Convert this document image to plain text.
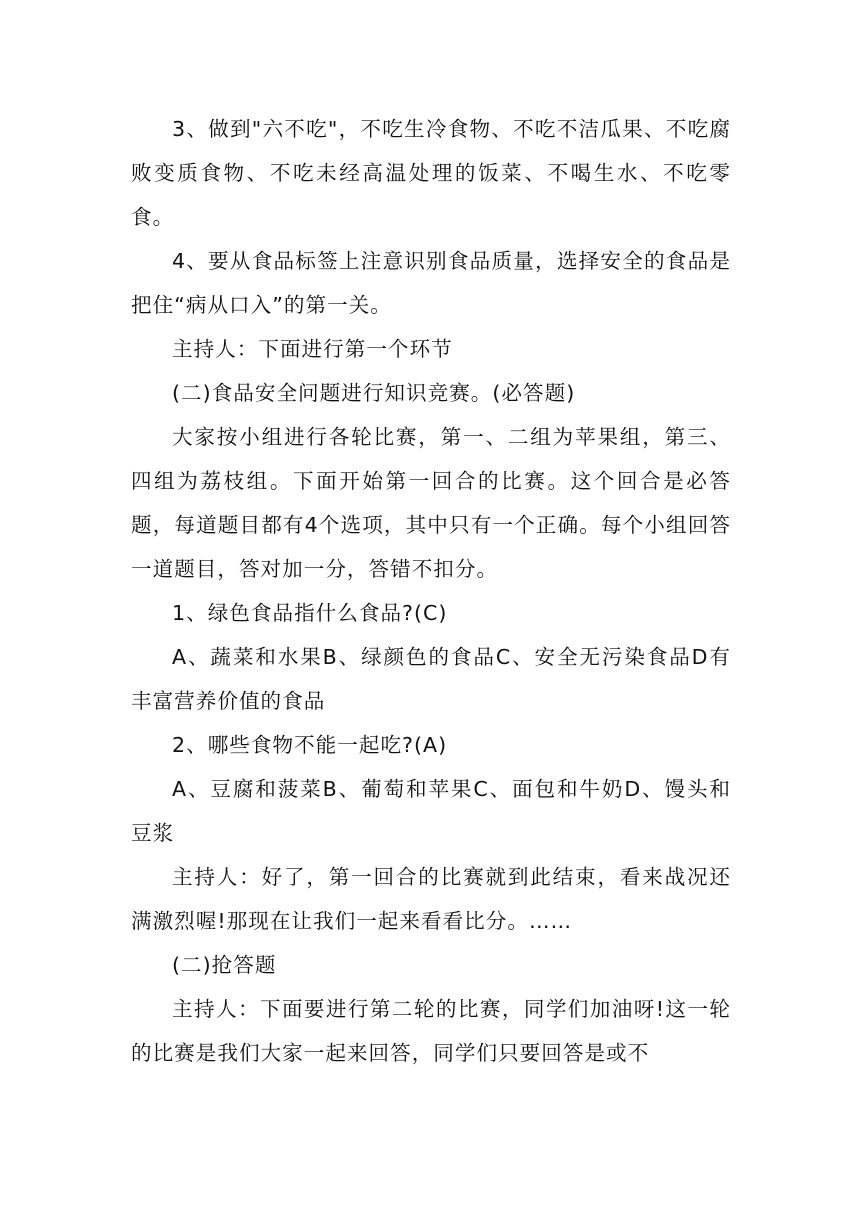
3、做到"六不吃"，不吃生冷食物、不吃不洁瓜果、不吃腐败变质食物、不吃未经高温处理的饭菜、不喝生水、不吃零食。

4、要从食品标签上注意识别食品质量，选择安全的食品是把住“病从口入”的第一关。

主持人：下面进行第一个环节

(二)食品安全问题进行知识竞赛。(必答题)

大家按小组进行各轮比赛，第一、二组为苹果组，第三、四组为荔枝组。下面开始第一回合的比赛。这个回合是必答题，每道题目都有4个选项，其中只有一个正确。每个小组回答一道题目，答对加一分，答错不扣分。

1、绿色食品指什么食品?(C)

A、蔬菜和水果B、绿颜色的食品C、安全无污染食品D有丰富营养价值的食品

2、哪些食物不能一起吃?(A)

A、豆腐和菠菜B、葡萄和苹果C、面包和牛奶D、馒头和豆浆

主持人：好了，第一回合的比赛就到此结束，看来战况还满激烈喔!那现在让我们一起来看看比分。……

(二)抢答题

主持人：下面要进行第二轮的比赛，同学们加油呀!这一轮的比赛是我们大家一起来回答，同学们只要回答是或不
